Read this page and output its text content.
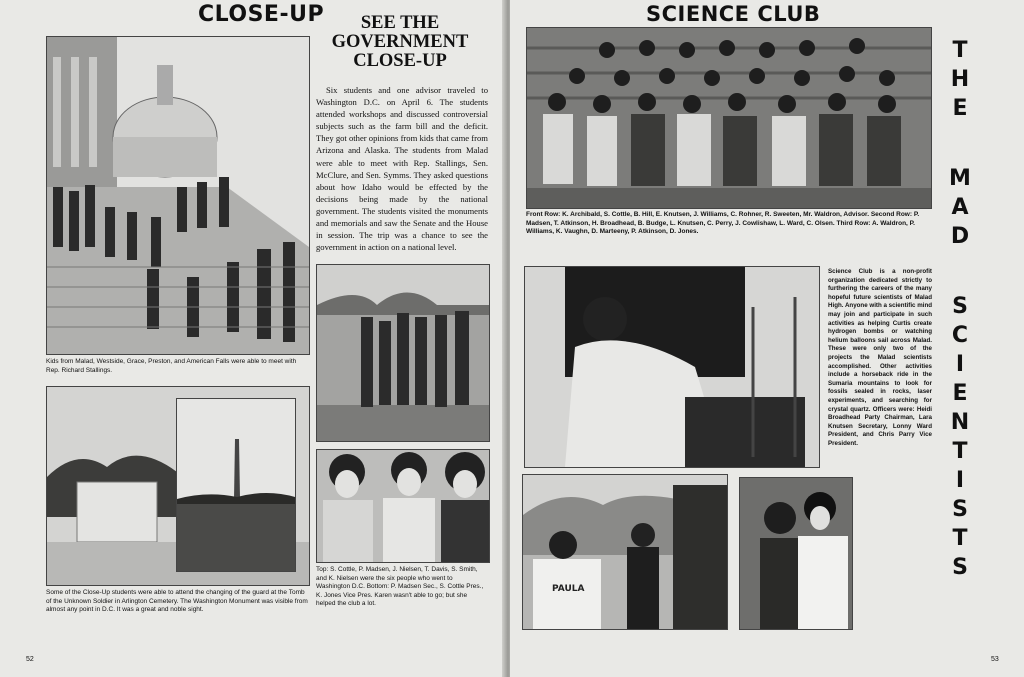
CLOSE-UP
Kids from Malad, Westside, Grace, Preston, and American Falls were able to meet with Rep. Richard Stallings.
SEE THE
GOVERNMENT
CLOSE-UP
Six students and one advisor traveled to Washington D.C. on April 6. The students attended workshops and discussed controversial subjects such as the farm bill and the deficit. They got other opinions from kids that came from Arizona and Alaska. The students from Malad were able to meet with Rep. Stallings, Sen. McClure, and Sen. Symms. They asked questions about how Idaho would be effected by the decisions being made by the national government. The students visited the monuments and memorials and saw the Senate and the House in session. The trip was a chance to see the government in action on a national level.
Some of the Close-Up students were able to attend the changing of the guard at the Tomb of the Unknown Soldier in Arlington Cemetery. The Washington Monument was visible from almost any point in D.C. It was a great and noble sight.
Top: S. Cottle, P. Madsen, J. Nielsen, T. Davis, S. Smith, and K. Nielsen were the six people who went to Washington D.C. Bottom: P. Madsen Sec., S. Cottle Pres., K. Jones Vice Pres. Karen wasn't able to go; but she helped the club a lot.
52
SCIENCE CLUB
Front Row: K. Archibald, S. Cottle, B. Hill, E. Knutsen, J. Williams, C. Rohner, R. Sweeten, Mr. Waldron, Advisor. Second Row: P. Madsen, T. Atkinson, H. Broadhead, B. Budge, L. Knutsen, C. Perry, J. Cowlishaw, L. Ward, C. Olsen. Third Row: A. Waldron, P. Williams, K. Vaughn, D. Marteeny, P. Atkinson, D. Jones.
T
H
E
M
A
D
S
C
I
E
N
T
I
S
T
S
Science Club is a non-profit organization dedicated strictly to furthering the careers of the many hopeful future scientists of Malad High. Anyone with a scientific mind may join and participate in such activities as helping Curtis create hydrogen bombs or watching helium balloons sail across Malad. These were only two of the projects the Malad scientists accomplished. Other activities include a horseback ride in the Sumaria mountains to look for fossils sealed in rocks, laser experiments, and searching for crystal quartz. Officers were: Heidi Broadhead Party Chairman, Lara Knutsen Secretary, Lonny Ward President, and Chris Parry Vice President.
PAULA
53
